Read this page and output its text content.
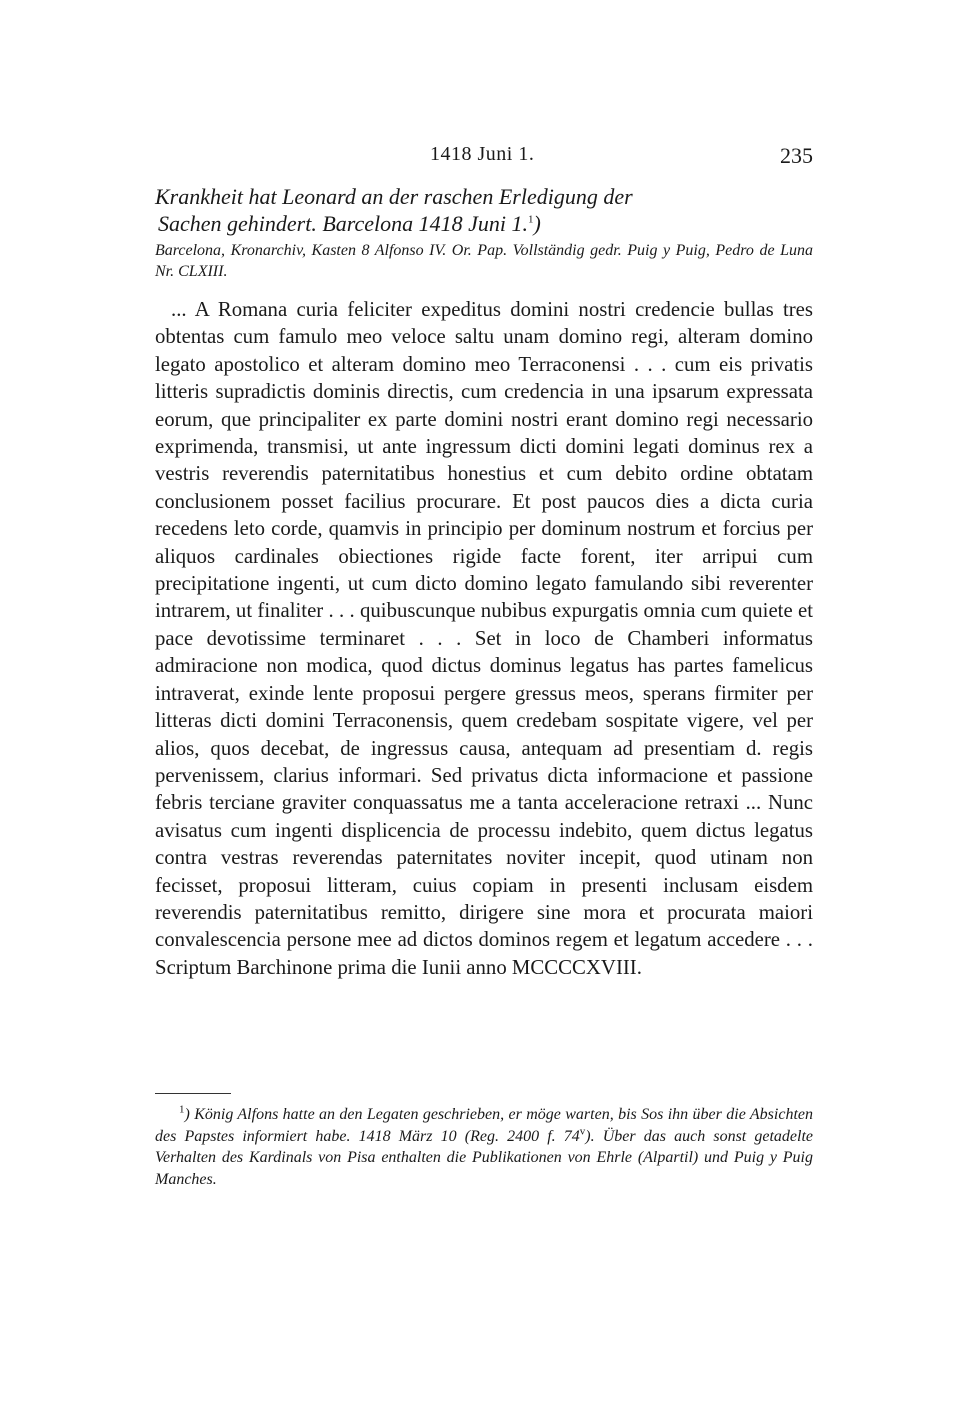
1418 Juni 1.	235
Krankheit hat Leonard an der raschen Erledigung der
Sachen gehindert. Barcelona 1418 Juni 1.$^1$)
Barcelona, Kronarchiv, Kasten 8 Alfonso IV. Or. Pap. Vollständig gedr. Puig y Puig, Pedro de Luna Nr. CLXIII.
... A Romana curia feliciter expeditus domini nostri credencie bullas tres obtentas cum famulo meo veloce saltu unam domino regi, alteram domino legato apostolico et alteram domino meo Terraconensi . . . cum eis privatis litteris supradictis dominis directis, cum credencia in una ipsarum expressata eorum, que principaliter ex parte domini nostri erant domino regi necessario exprimenda, transmisi, ut ante ingressum dicti domini legati dominus rex a vestris reverendis paternitatibus honestius et cum debito ordine obtatam conclusionem posset facilius procurare. Et post paucos dies a dicta curia recedens leto corde, quamvis in principio per dominum nostrum et forcius per aliquos cardinales obiectiones rigide facte forent, iter arripui cum precipitatione ingenti, ut cum dicto domino legato famulando sibi reverenter intrarem, ut finaliter . . . quibuscunque nubibus expurgatis omnia cum quiete et pace devotissime terminaret . . . Set in loco de Chamberi informatus admiracione non modica, quod dictus dominus legatus has partes famelicus intraverat, exinde lente proposui pergere gressus meos, sperans firmiter per litteras dicti domini Terraconensis, quem credebam sospitate vigere, vel per alios, quos decebat, de ingressus causa, antequam ad presentiam d. regis pervenissem, clarius informari. Sed privatus dicta informacione et passione febris terciane graviter conquassatus me a tanta acceleracione retraxi ... Nunc avisatus cum ingenti displicencia de processu indebito, quem dictus legatus contra vestras reverendas paternitates noviter incepit, quod utinam non fecisset, proposui litteram, cuius copiam in presenti inclusam eisdem reverendis paternitatibus remitto, dirigere sine mora et procurata maiori convalescencia persone mee ad dictos dominos regem et legatum accedere . . . Scriptum Barchinone prima die Iunii anno MCCCCXVIII.
$^1$) König Alfons hatte an den Legaten geschrieben, er möge warten, bis Sos ihn über die Absichten des Papstes informiert habe. 1418 März 10 (Reg. 2400 f. 74$^v$). Über das auch sonst getadelte Verhalten des Kardinals von Pisa enthalten die Publikationen von Ehrle (Alpartil) und Puig y Puig Manches.
